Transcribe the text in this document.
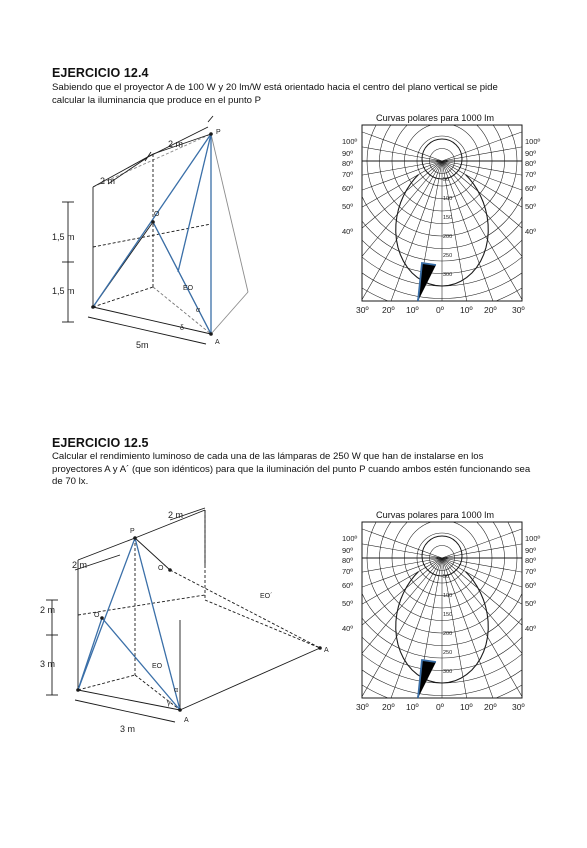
EJERCICIO 12.4
Sabiendo que el proyector A de 100 W y 20 lm/W está orientado hacia el centro del plano vertical se pide calcular la iluminancia que produce en el punto P
2 m
2 m
1,5 m
1,5 m
5m
P
O
A
EO
α
δ
Curvas polares para 1000 lm
100º
90º
80º
70º
60º
50º
40º
100º
90º
80º
70º
60º
50º
40º
50
100
150
200
250
300
30º 20º 10º 0º 10º 20º 30º
EJERCICIO 12.5
Calcular el rendimiento luminoso de cada una de las lámparas de 250 W que han de instalarse en los proyectores A y A´ (que son idénticos) para que la iluminación del punto P cuando ambos estén funcionando sea de 70 lx.
2 m
2 m
2 m
3 m
3 m
P
O
O´
A
A
EO
EO´
α
γ
Curvas polares para 1000 lm
100º
90º
80º
70º
60º
50º
40º
100º
90º
80º
70º
60º
50º
40º
50
100
150
200
250
300
30º 20º 10º 0º 10º 20º 30º
